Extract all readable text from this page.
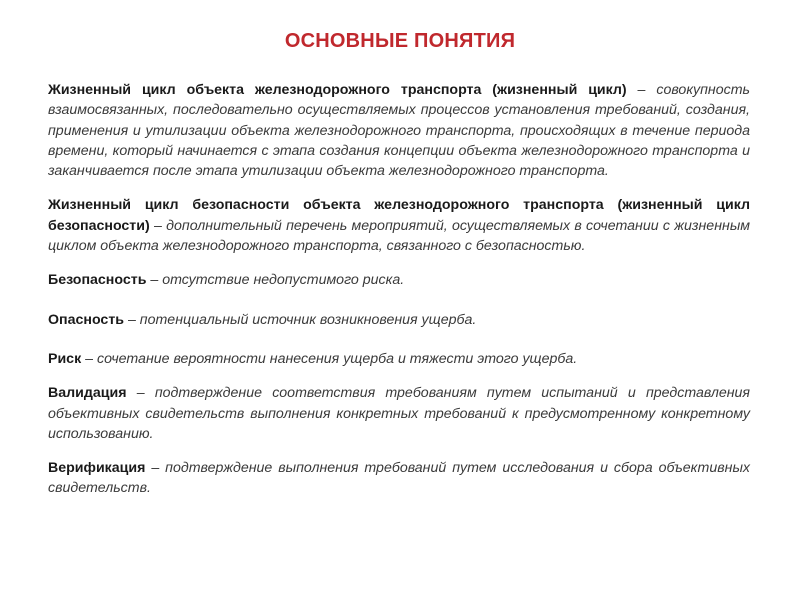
ОСНОВНЫЕ ПОНЯТИЯ

Жизненный цикл объекта железнодорожного транспорта (жизненный цикл) – совокупность взаимосвязанных, последовательно осуществляемых процессов установления требований, создания, применения и утилизации объекта железнодорожного транспорта, происходящих в течение периода времени, который начинается с этапа создания концепции объекта железнодорожного транспорта и заканчивается после этапа утилизации объекта железнодорожного транспорта.

Жизненный цикл безопасности объекта железнодорожного транспорта (жизненный цикл безопасности) – дополнительный перечень мероприятий, осуществляемых в сочетании с жизненным циклом объекта железнодорожного транспорта, связанного с безопасностью.

Безопасность – отсутствие недопустимого риска.

Опасность – потенциальный источник возникновения ущерба.

Риск – сочетание вероятности нанесения ущерба и тяжести этого ущерба.

Валидация – подтверждение соответствия требованиям путем испытаний и представления объективных свидетельств выполнения конкретных требований к предусмотренному конкретному использованию.

Верификация – подтверждение выполнения требований путем исследования и сбора объективных свидетельств.
